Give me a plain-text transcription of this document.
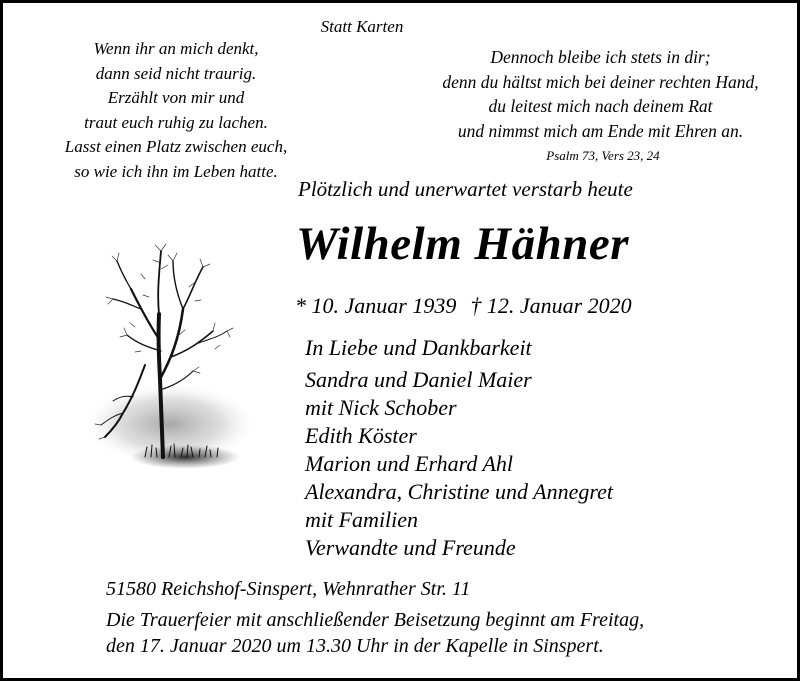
Statt Karten
Wenn ihr an mich denkt,
dann seid nicht traurig.
Erzählt von mir und
traut euch ruhig zu lachen.
Lasst einen Platz zwischen euch,
so wie ich ihn im Leben hatte.
Dennoch bleibe ich stets in dir;
denn du hältst mich bei deiner rechten Hand,
du leitest mich nach deinem Rat
und nimmst mich am Ende mit Ehren an.
Psalm 73, Vers 23, 24
Plötzlich und unerwartet verstarb heute
Wilhelm Hähner
* 10. Januar 1939 † 12. Januar 2020
In Liebe und Dankbarkeit
Sandra und Daniel Maier
mit Nick Schober
Edith Köster
Marion und Erhard Ahl
Alexandra, Christine und Annegret
mit Familien
Verwandte und Freunde
51580 Reichshof-Sinspert, Wehnrather Str. 11
Die Trauerfeier mit anschließender Beisetzung beginnt am Freitag,
den 17. Januar 2020 um 13.30 Uhr in der Kapelle in Sinspert.
